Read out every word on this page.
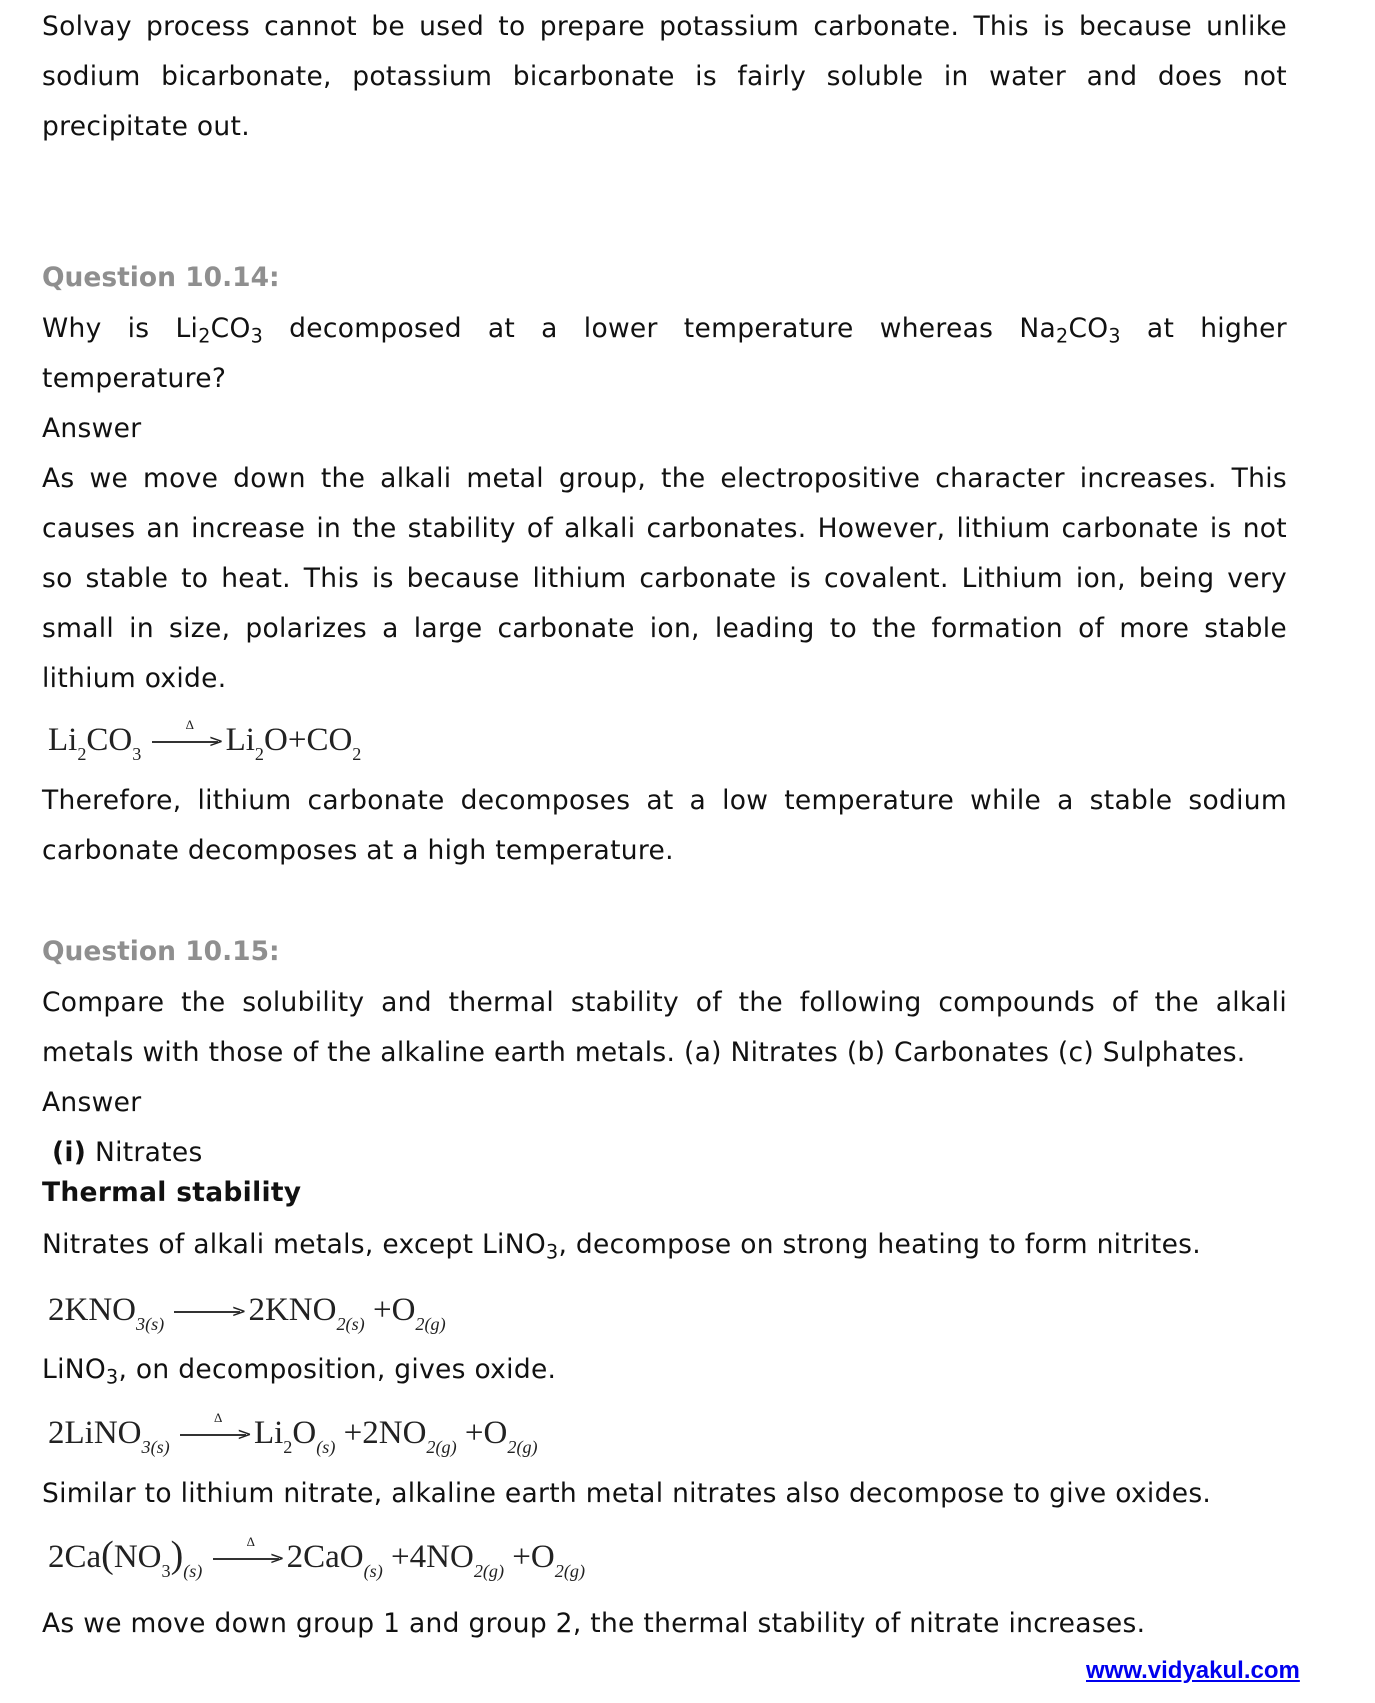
Solvay process cannot be used to prepare potassium carbonate. This is because unlike
sodium bicarbonate, potassium bicarbonate is fairly soluble in water and does not
precipitate out.
Question 10.14:
Why is $Li_2CO_3$ decomposed at a lower temperature whereas $Na_2CO_3$ at higher
temperature?
Answer
As we move down the alkali metal group, the electropositive character increases. This
causes an increase in the stability of alkali carbonates. However, lithium carbonate is not
so stable to heat. This is because lithium carbonate is covalent. Lithium ion, being very
small in size, polarizes a large carbonate ion, leading to the formation of more stable
lithium oxide.
$Li_2CO_3$
>
Δ $Li_2O+CO_2$
Therefore, lithium carbonate decomposes at a low temperature while a stable sodium
carbonate decomposes at a high temperature.
Question 10.15:
Compare the solubility and thermal stability of the following compounds of the alkali
metals with those of the alkaline earth metals. (a) Nitrates (b) Carbonates (c) Sulphates.
Answer
(i) Nitrates
Thermal stability
Nitrates of alkali metals, except LiNO$_3$, decompose on strong heating to form nitrites.
$2KNO_{3(s)}$
> $2KNO_{2(s)} +O_{2(g)}$
LiNO$_3$, on decomposition, gives oxide.
2LiNO$_{3(s)}$
>
Δ $Li_2O_{(s)} +2NO_{2(g)} +O_{2(g)}$
Similar to lithium nitrate, alkaline earth metal nitrates also decompose to give oxides.
$2Ca(NO_3)_{(s)}$
>
Δ $2CaO_{(s)} +4NO_{2(g)} +O_{2(g)}$
As we move down group 1 and group 2, the thermal stability of nitrate increases.
www.vidyakul.com
